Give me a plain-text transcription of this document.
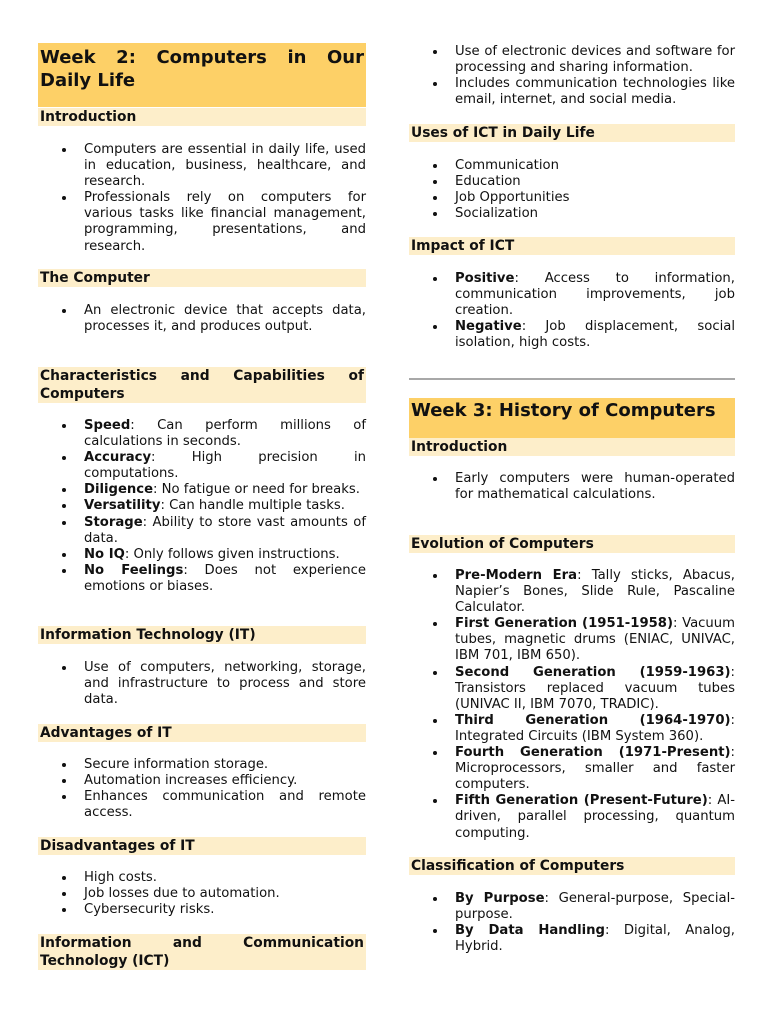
Week 2: Computers in Our Daily Life
Introduction
Computers are essential in daily life, used in education, business, healthcare, and research.
Professionals rely on computers for various tasks like financial management, programming, presentations, and research.
The Computer
An electronic device that accepts data, processes it, and produces output.
Characteristics and Capabilities of Computers
Speed: Can perform millions of calculations in seconds.
Accuracy: High precision in computations.
Diligence: No fatigue or need for breaks.
Versatility: Can handle multiple tasks.
Storage: Ability to store vast amounts of data.
No IQ: Only follows given instructions.
No Feelings: Does not experience emotions or biases.
Information Technology (IT)
Use of computers, networking, storage, and infrastructure to process and store data.
Advantages of IT
Secure information storage.
Automation increases efficiency.
Enhances communication and remote access.
Disadvantages of IT
High costs.
Job losses due to automation.
Cybersecurity risks.
Information and Communication Technology (ICT)
Use of electronic devices and software for processing and sharing information.
Includes communication technologies like email, internet, and social media.
Uses of ICT in Daily Life
Communication
Education
Job Opportunities
Socialization
Impact of ICT
Positive: Access to information, communication improvements, job creation.
Negative: Job displacement, social isolation, high costs.
Week 3: History of Computers
Introduction
Early computers were human-operated for mathematical calculations.
Evolution of Computers
Pre-Modern Era: Tally sticks, Abacus, Napier’s Bones, Slide Rule, Pascaline Calculator.
First Generation (1951-1958): Vacuum tubes, magnetic drums (ENIAC, UNIVAC, IBM 701, IBM 650).
Second Generation (1959-1963): Transistors replaced vacuum tubes (UNIVAC II, IBM 7070, TRADIC).
Third Generation (1964-1970): Integrated Circuits (IBM System 360).
Fourth Generation (1971-Present): Microprocessors, smaller and faster computers.
Fifth Generation (Present-Future): AI-driven, parallel processing, quantum computing.
Classification of Computers
By Purpose: General-purpose, Special-purpose.
By Data Handling: Digital, Analog, Hybrid.
